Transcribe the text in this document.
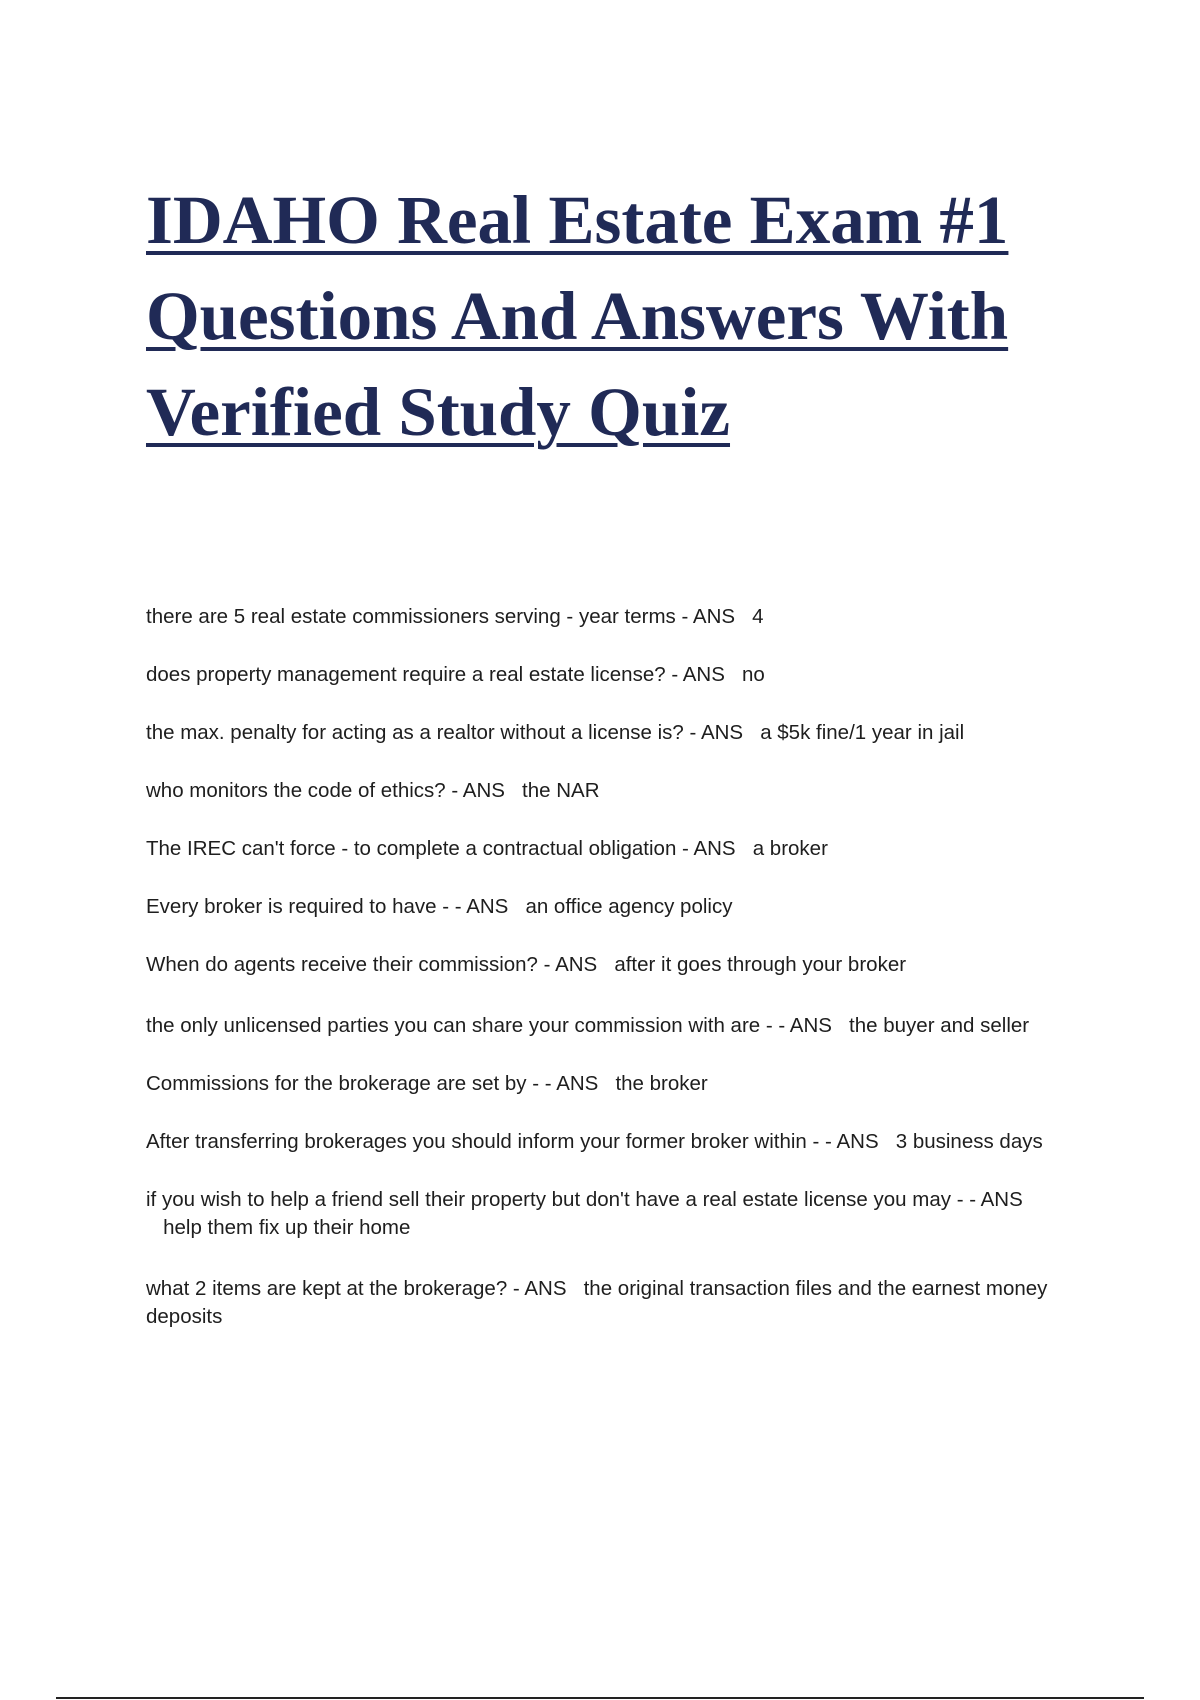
IDAHO Real Estate Exam #1
Questions And Answers With
Verified Study Quiz
there are 5 real estate commissioners serving - year terms - ANS 4
does property management require a real estate license? - ANS no
the max. penalty for acting as a realtor without a license is? - ANS a $5k fine/1 year in jail
who monitors the code of ethics? - ANS the NAR
The IREC can't force - to complete a contractual obligation - ANS a broker
Every broker is required to have - - ANS an office agency policy
When do agents receive their commission? - ANS after it goes through your broker
the only unlicensed parties you can share your commission with are - - ANS the buyer and seller
Commissions for the brokerage are set by - - ANS the broker
After transferring brokerages you should inform your former broker within - - ANS 3 business days
if you wish to help a friend sell their property but don't have a real estate license you may - - ANS   help them fix up their home
what 2 items are kept at the brokerage? - ANS the original transaction files and the earnest money deposits
